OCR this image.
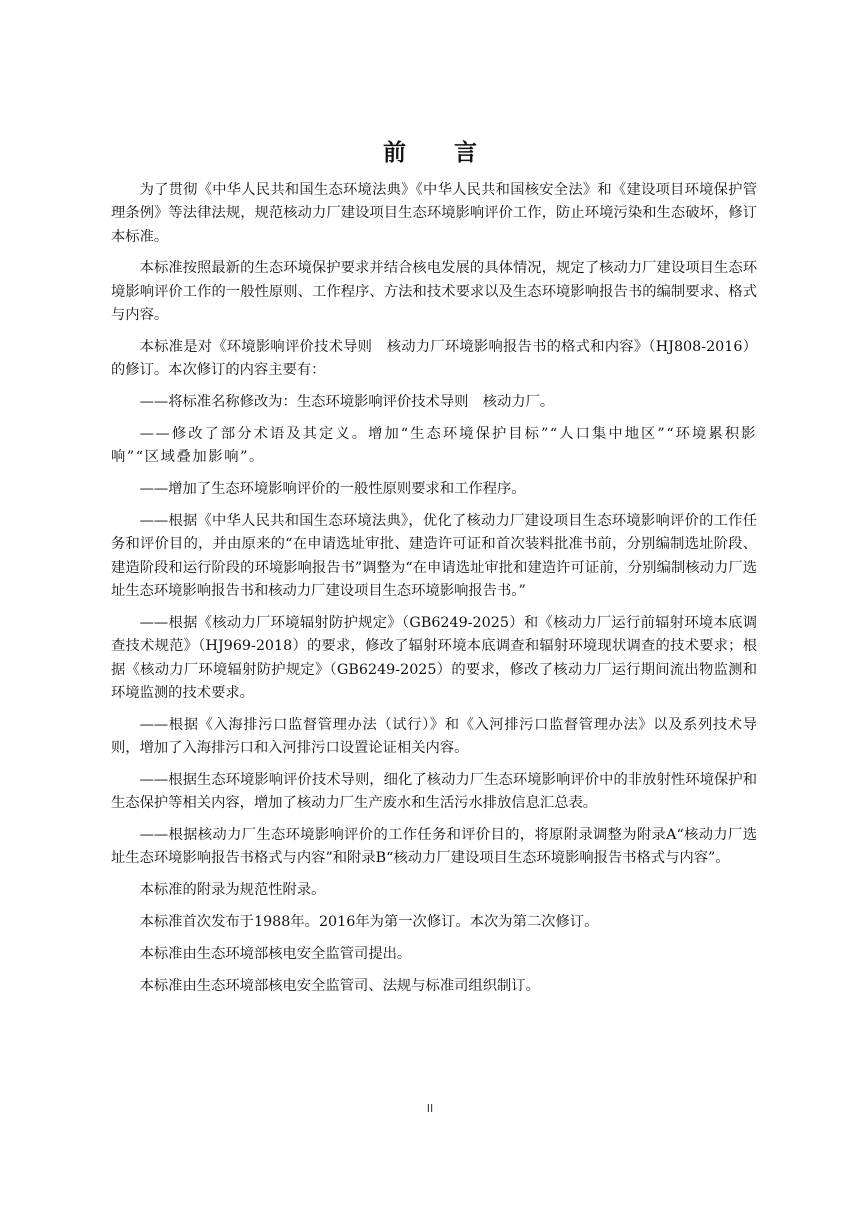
前 言

为了贯彻《中华人民共和国生态环境法典》《中华人民共和国核安全法》和《建设项目环境保护管理条例》等法律法规，规范核动力厂建设项目生态环境影响评价工作，防止环境污染和生态破坏，修订本标准。

本标准按照最新的生态环境保护要求并结合核电发展的具体情况，规定了核动力厂建设项目生态环境影响评价工作的一般性原则、工作程序、方法和技术要求以及生态环境影响报告书的编制要求、格式与内容。

本标准是对《环境影响评价技术导则　核动力厂环境影响报告书的格式和内容》（HJ808-2016）的修订。本次修订的内容主要有：

——将标准名称修改为：生态环境影响评价技术导则　核动力厂。

——修改了部分术语及其定义。增加“生态环境保护目标”“人口集中地区”“环境累积影响”“区域叠加影响”。

——增加了生态环境影响评价的一般性原则要求和工作程序。

——根据《中华人民共和国生态环境法典》，优化了核动力厂建设项目生态环境影响评价的工作任务和评价目的，并由原来的“在申请选址审批、建造许可证和首次装料批准书前，分别编制选址阶段、建造阶段和运行阶段的环境影响报告书”调整为“在申请选址审批和建造许可证前，分别编制核动力厂选址生态环境影响报告书和核动力厂建设项目生态环境影响报告书。”

——根据《核动力厂环境辐射防护规定》（GB6249-2025）和《核动力厂运行前辐射环境本底调查技术规范》（HJ969-2018）的要求，修改了辐射环境本底调查和辐射环境现状调查的技术要求；根据《核动力厂环境辐射防护规定》（GB6249-2025）的要求，修改了核动力厂运行期间流出物监测和环境监测的技术要求。

——根据《入海排污口监督管理办法（试行）》和《入河排污口监督管理办法》以及系列技术导则，增加了入海排污口和入河排污口设置论证相关内容。

——根据生态环境影响评价技术导则，细化了核动力厂生态环境影响评价中的非放射性环境保护和生态保护等相关内容，增加了核动力厂生产废水和生活污水排放信息汇总表。

——根据核动力厂生态环境影响评价的工作任务和评价目的，将原附录调整为附录A“核动力厂选址生态环境影响报告书格式与内容”和附录B“核动力厂建设项目生态环境影响报告书格式与内容”。

本标准的附录为规范性附录。

本标准首次发布于1988年。2016年为第一次修订。本次为第二次修订。

本标准由生态环境部核电安全监管司提出。

本标准由生态环境部核电安全监管司、法规与标准司组织制订。

II
